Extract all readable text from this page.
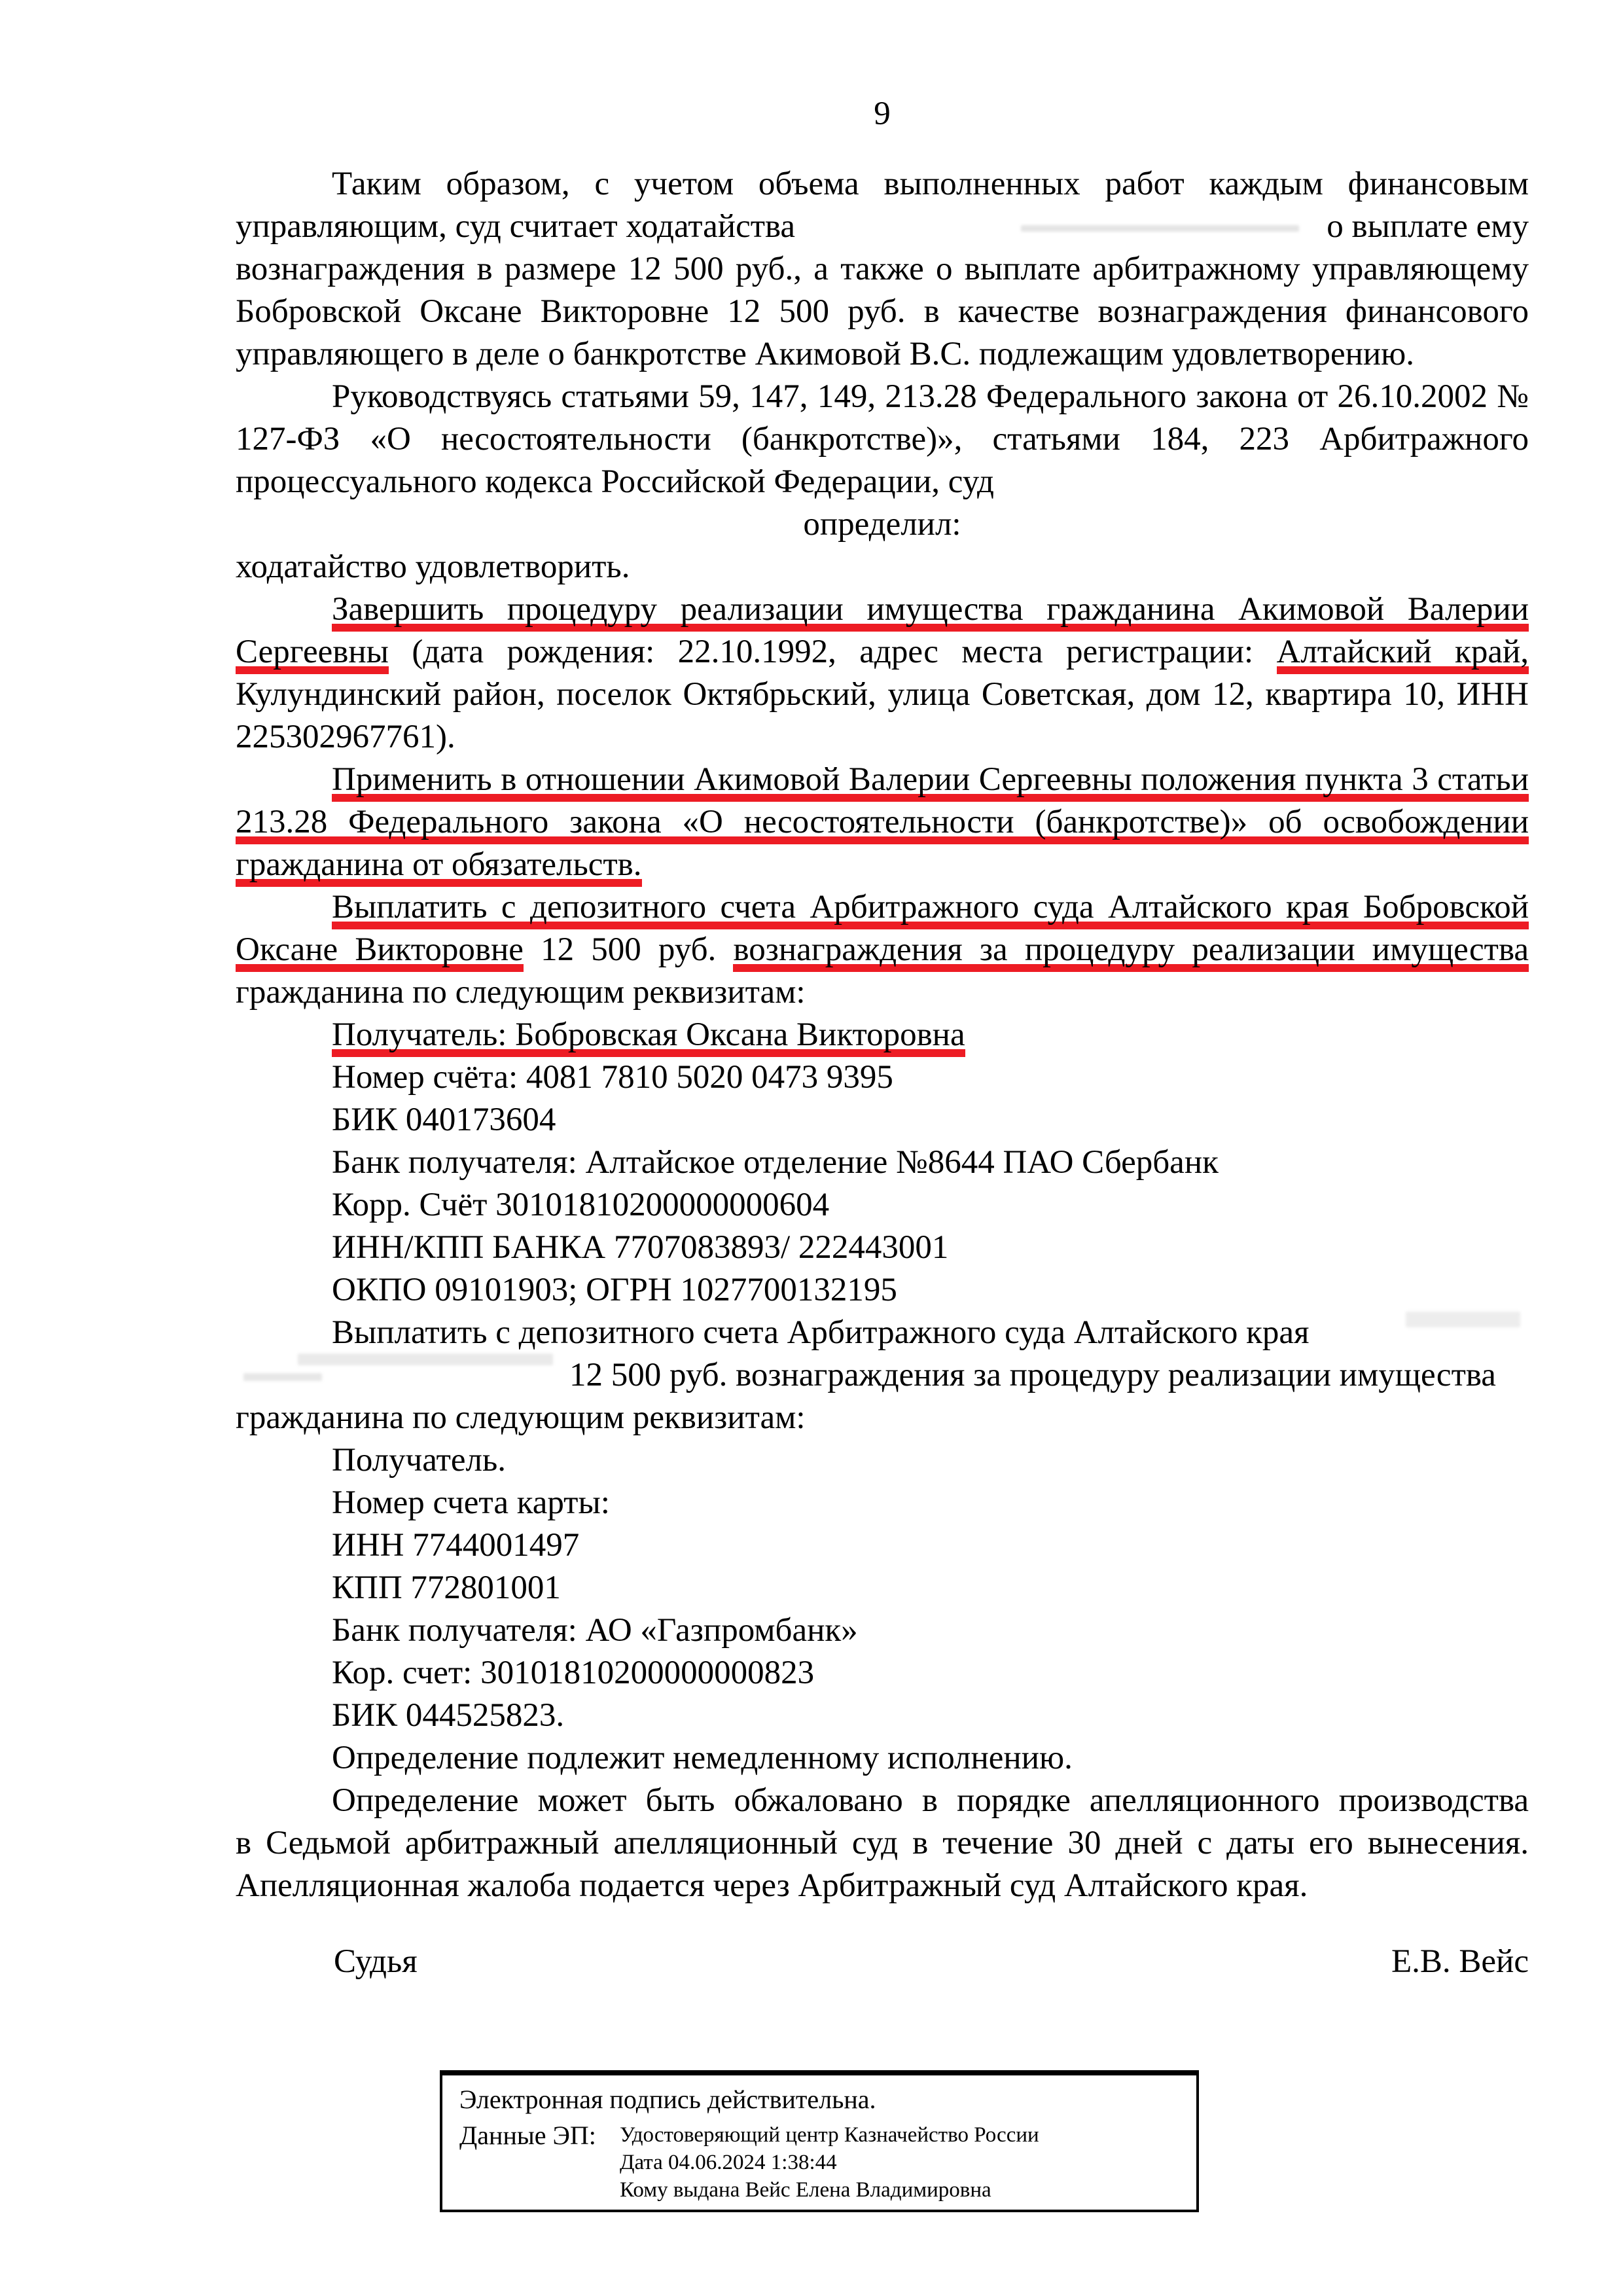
9
Таким образом, с учетом объема выполненных работ каждым финансовым
управляющим, суд считает ходатайства	о выплате ему
вознаграждения в размере 12 500 руб., а также о выплате арбитражному управляющему
Бобровской Оксане Викторовне 12 500 руб. в качестве вознаграждения финансового
управляющего в деле о банкротстве Акимовой В.С. подлежащим удовлетворению.
Руководствуясь статьями 59, 147, 149, 213.28 Федерального закона от 26.10.2002 №
127-ФЗ «О несостоятельности (банкротстве)», статьями 184, 223 Арбитражного
процессуального кодекса Российской Федерации, суд
определил:
ходатайство удовлетворить.
Завершить процедуру реализации имущества гражданина Акимовой Валерии
Сергеевны (дата рождения: 22.10.1992, адрес места регистрации: Алтайский край,
Кулундинский район, поселок Октябрьский, улица Советская, дом 12, квартира 10, ИНН
225302967761).
Применить в отношении Акимовой Валерии Сергеевны положения пункта 3 статьи
213.28 Федерального закона «О несостоятельности (банкротстве)» об освобождении
гражданина от обязательств.
Выплатить с депозитного счета Арбитражного суда Алтайского края Бобровской
Оксане Викторовне 12 500 руб. вознаграждения за процедуру реализации имущества
гражданина по следующим реквизитам:
Получатель: Бобровская Оксана Викторовна
Номер счёта: 4081 7810 5020 0473 9395
БИК 040173604
Банк получателя: Алтайское отделение №8644 ПАО Сбербанк
Корр. Счёт 30101810200000000604
ИНН/КПП БАНКА 7707083893/ 222443001
ОКПО 09101903; ОГРН 1027700132195
Выплатить с депозитного счета Арбитражного суда Алтайского края
12 500 руб. вознаграждения за процедуру реализации имущества
гражданина по следующим реквизитам:
Получатель.
Номер счета карты:
ИНН 7744001497
КПП 772801001
Банк получателя: АО «Газпромбанк»
Кор. счет: 30101810200000000823
БИК 044525823.
Определение подлежит немедленному исполнению.
Определение может быть обжаловано в порядке апелляционного производства
в Седьмой арбитражный апелляционный суд в течение 30 дней с даты его вынесения.
Апелляционная жалоба подается через Арбитражный суд Алтайского края.
Судья	Е.В. Вейс
Электронная подпись действительна.
Данные ЭП:	Удостоверяющий центр Казначейство России
Дата 04.06.2024 1:38:44
Кому выдана Вейс Елена Владимировна
